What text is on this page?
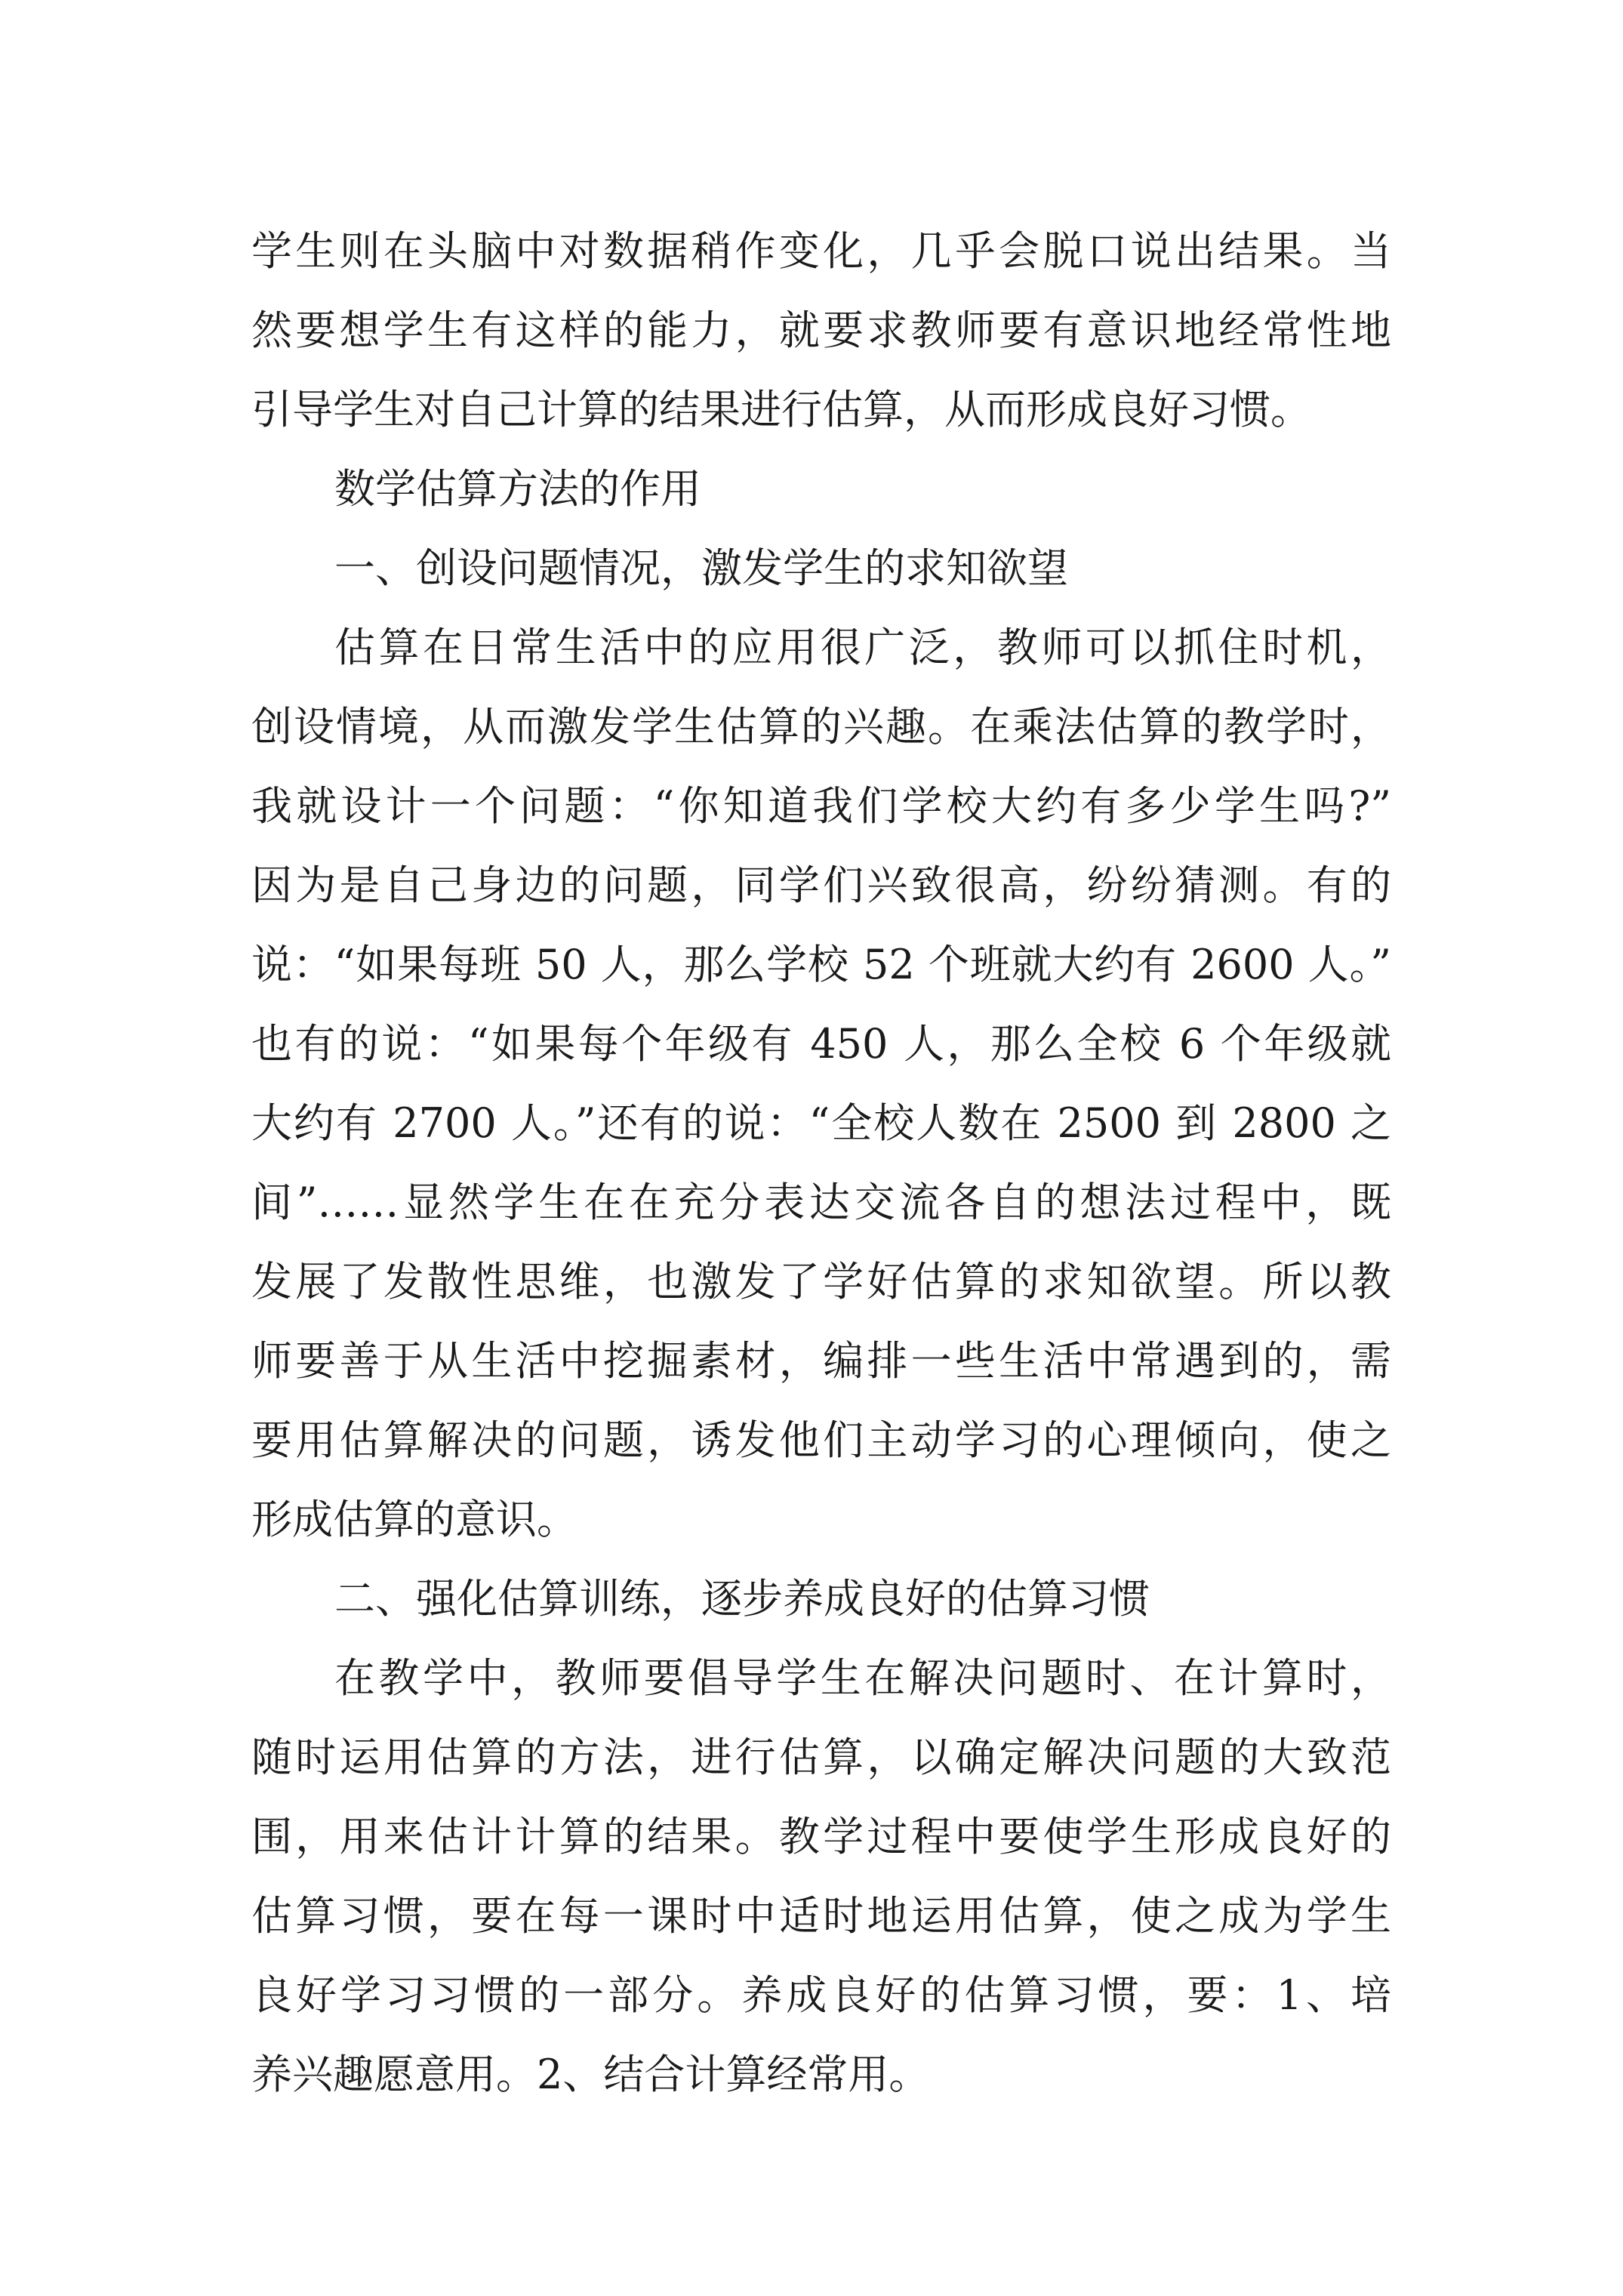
学生则在头脑中对数据稍作变化，几乎会脱口说出结果。当
然要想学生有这样的能力，就要求教师要有意识地经常性地
引导学生对自己计算的结果进行估算，从而形成良好习惯。
数学估算方法的作用
一、创设问题情况，激发学生的求知欲望
估算在日常生活中的应用很广泛，教师可以抓住时机，
创设情境，从而激发学生估算的兴趣。在乘法估算的教学时，
我就设计一个问题：“你知道我们学校大约有多少学生吗?”
因为是自己身边的问题，同学们兴致很高，纷纷猜测。有的
说：“如果每班 50 人，那么学校 52 个班就大约有 2600 人。”
也有的说：“如果每个年级有 450 人，那么全校 6 个年级就
大约有 2700 人。”还有的说：“全校人数在 2500 到 2800 之
间”……显然学生在在充分表达交流各自的想法过程中，既
发展了发散性思维，也激发了学好估算的求知欲望。所以教
师要善于从生活中挖掘素材，编排一些生活中常遇到的，需
要用估算解决的问题，诱发他们主动学习的心理倾向，使之
形成估算的意识。
二、强化估算训练，逐步养成良好的估算习惯
在教学中，教师要倡导学生在解决问题时、在计算时，
随时运用估算的方法，进行估算，以确定解决问题的大致范
围，用来估计计算的结果。教学过程中要使学生形成良好的
估算习惯，要在每一课时中适时地运用估算，使之成为学生
良好学习习惯的一部分。养成良好的估算习惯，要：1、培
养兴趣愿意用。2、结合计算经常用。
